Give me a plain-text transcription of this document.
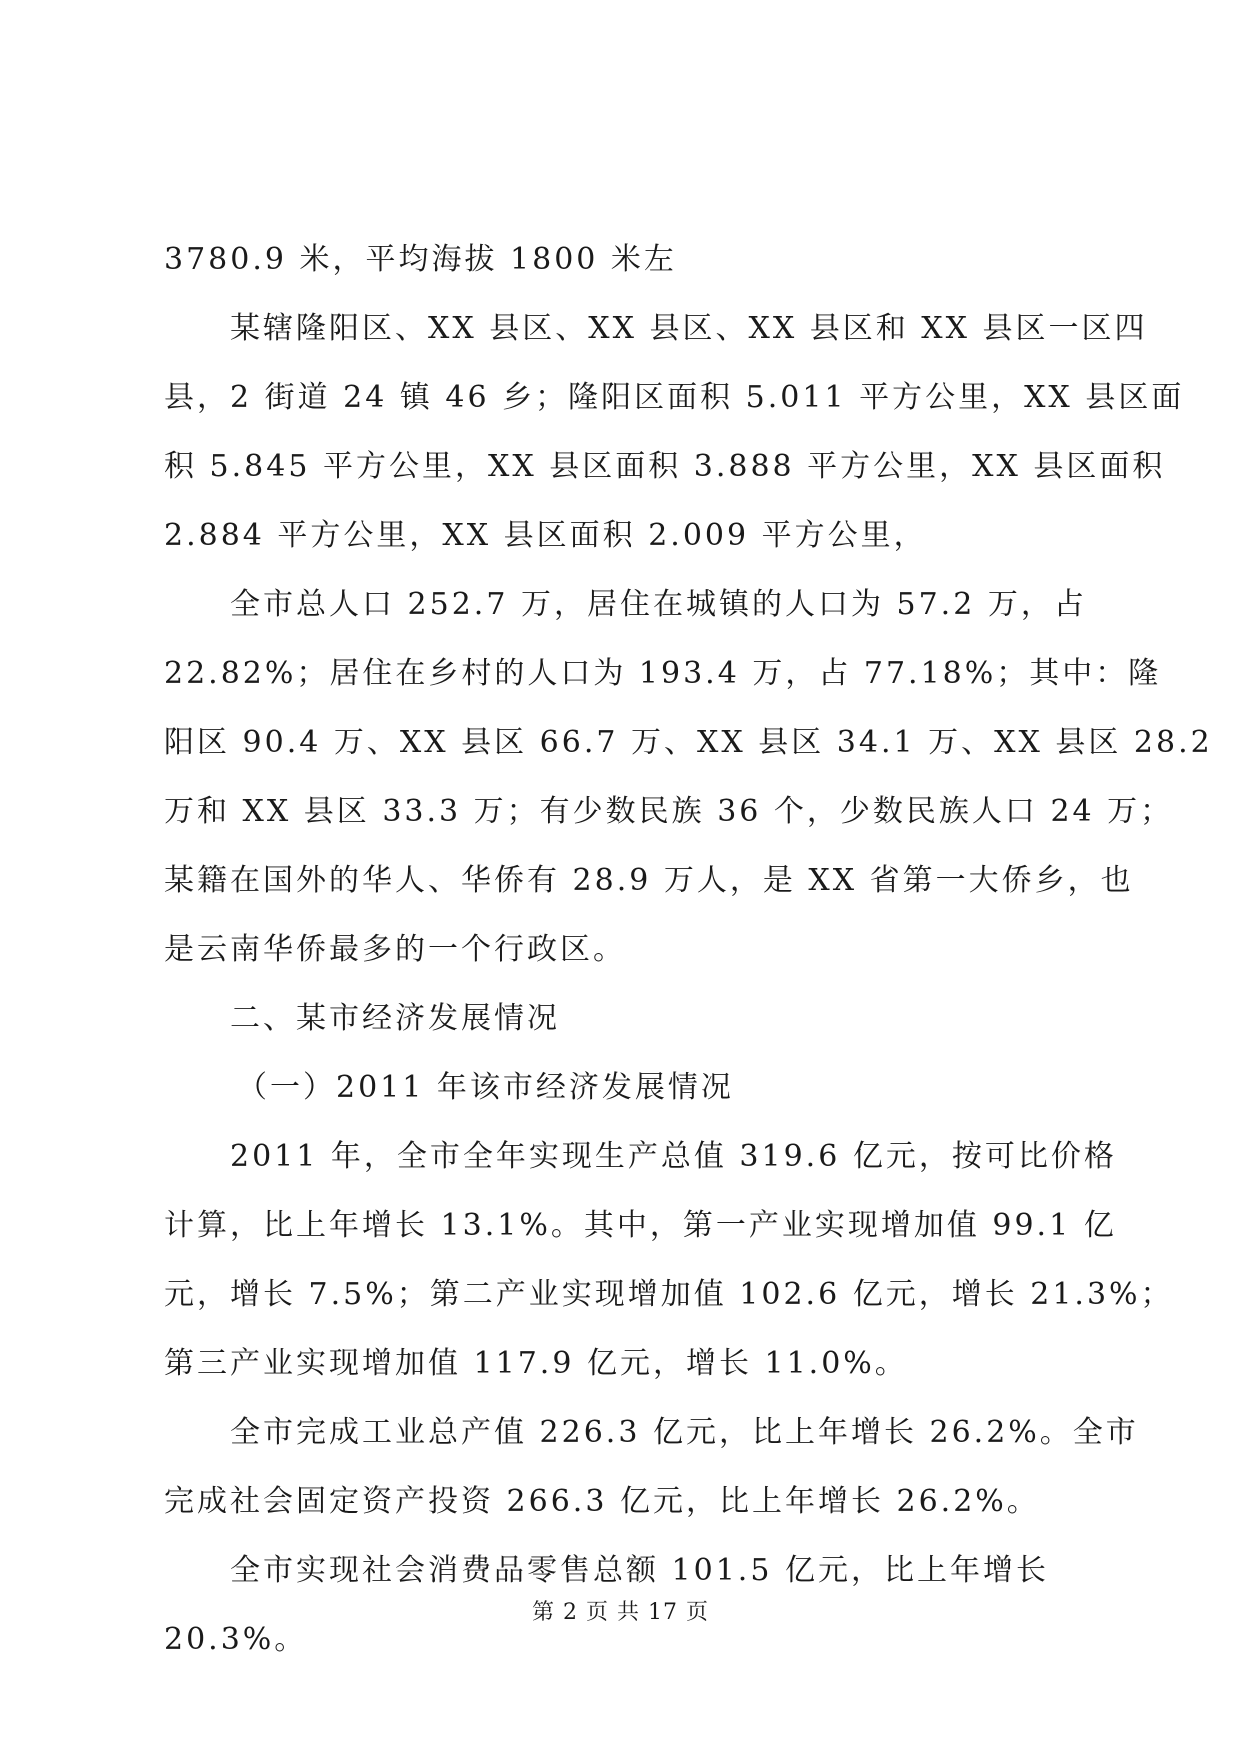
3780.9 米，平均海拔 1800 米左
某辖隆阳区、XX 县区、XX 县区、XX 县区和 XX 县区一区四
县，2 街道 24 镇 46 乡；隆阳区面积 5.011 平方公里，XX 县区面
积 5.845 平方公里，XX 县区面积 3.888 平方公里，XX 县区面积
2.884 平方公里，XX 县区面积 2.009 平方公里，
全市总人口 252.7 万，居住在城镇的人口为 57.2 万，占
22.82%；居住在乡村的人口为 193.4 万，占 77.18%；其中：隆
阳区 90.4 万、XX 县区 66.7 万、XX 县区 34.1 万、XX 县区 28.2
万和 XX 县区 33.3 万；有少数民族 36 个，少数民族人口 24 万；
某籍在国外的华人、华侨有 28.9 万人，是 XX 省第一大侨乡，也
是云南华侨最多的一个行政区。
二、某市经济发展情况
（一）2011 年该市经济发展情况
2011 年，全市全年实现生产总值 319.6 亿元，按可比价格
计算，比上年增长 13.1%。其中，第一产业实现增加值 99.1 亿
元，增长 7.5%；第二产业实现增加值 102.6 亿元，增长 21.3%；
第三产业实现增加值 117.9 亿元，增长 11.0%。
全市完成工业总产值 226.3 亿元，比上年增长 26.2%。全市
完成社会固定资产投资 266.3 亿元，比上年增长 26.2%。
全市实现社会消费品零售总额 101.5 亿元，比上年增长
20.3%。
第 2 页 共 17 页
